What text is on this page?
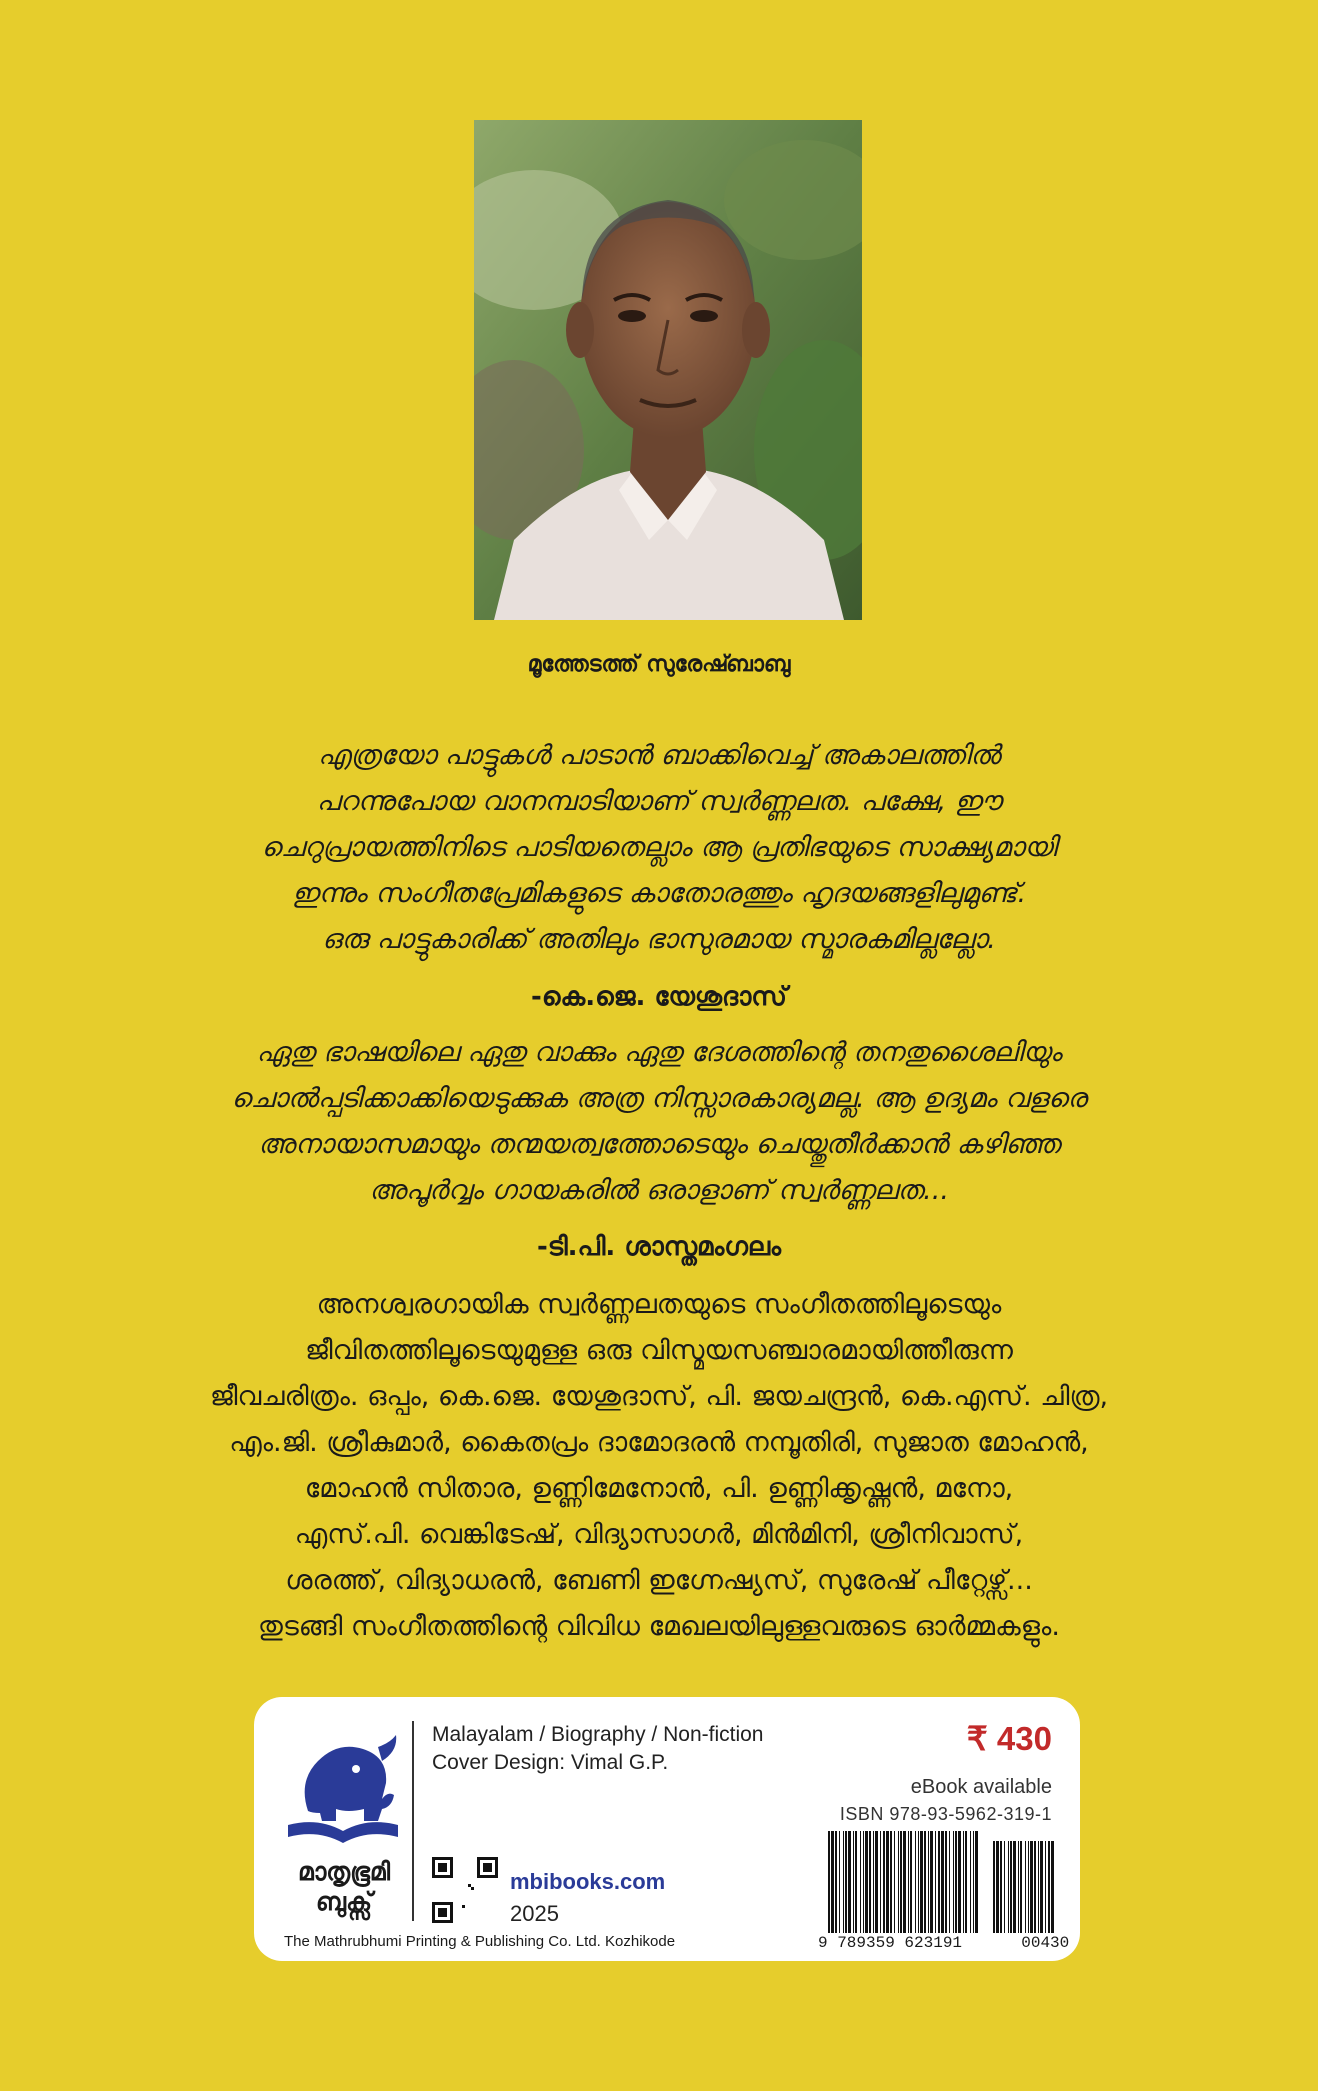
മൂത്തേടത്ത് സുരേഷ്ബാബു
എത്രയോ പാട്ടുകൾ പാടാൻ ബാക്കിവെച്ച് അകാലത്തിൽ
പറന്നുപോയ വാനമ്പാടിയാണ് സ്വർണ്ണലത. പക്ഷേ, ഈ
ചെറുപ്രായത്തിനിടെ പാടിയതെല്ലാം ആ പ്രതിഭയുടെ സാക്ഷ്യമായി
ഇന്നും സംഗീതപ്രേമികളുടെ കാതോരത്തും ഹൃദയങ്ങളിലുമുണ്ട്.
ഒരു പാട്ടുകാരിക്ക് അതിലും ഭാസുരമായ സ്മാരകമില്ലല്ലോ.
-കെ.ജെ. യേശുദാസ്
ഏതു ഭാഷയിലെ ഏതു വാക്കും ഏതു ദേശത്തിന്റെ തനതുശൈലിയും
ചൊൽപ്പടിക്കാക്കിയെടുക്കുക അത്ര നിസ്സാരകാര്യമല്ല. ആ ഉദ്യമം വളരെ
അനായാസമായും തന്മയത്വത്തോടെയും ചെയ്തുതീർക്കാൻ കഴിഞ്ഞ
അപൂർവ്വം ഗായകരിൽ ഒരാളാണ് സ്വർണ്ണലത...
-ടി.പി. ശാസ്തമംഗലം
അനശ്വരഗായിക സ്വർണ്ണലതയുടെ സംഗീതത്തിലൂടെയും
ജീവിതത്തിലൂടെയുമുള്ള ഒരു വിസ്മയസഞ്ചാരമായിത്തീരുന്ന
ജീവചരിത്രം. ഒപ്പം, കെ.ജെ. യേശുദാസ്, പി. ജയചന്ദ്രൻ, കെ.എസ്. ചിത്ര,
എം.ജി. ശ്രീകുമാർ, കൈതപ്രം ദാമോദരൻ നമ്പൂതിരി, സുജാത മോഹൻ,
മോഹൻ സിതാര, ഉണ്ണിമേനോൻ, പി. ഉണ്ണിക്കൃഷ്ണൻ, മനോ,
എസ്.പി. വെങ്കിടേഷ്, വിദ്യാസാഗർ, മിൻമിനി, ശ്രീനിവാസ്,
ശരത്ത്, വിദ്യാധരൻ, ബേണി ഇഗ്നേഷ്യസ്, സുരേഷ് പീറ്റേഴ്സ്...
തുടങ്ങി സംഗീതത്തിന്റെ വിവിധ മേഖലയിലുള്ളവരുടെ ഓർമ്മകളും.
മാതൃഭൂമി
ബുക്സ്
The Mathrubhumi Printing & Publishing Co. Ltd. Kozhikode
Malayalam / Biography / Non-fiction
Cover Design: Vimal G.P.
₹ 430
eBook available
ISBN 978-93-5962-319-1
9 789359 623191	00430
mbibooks.com
2025
